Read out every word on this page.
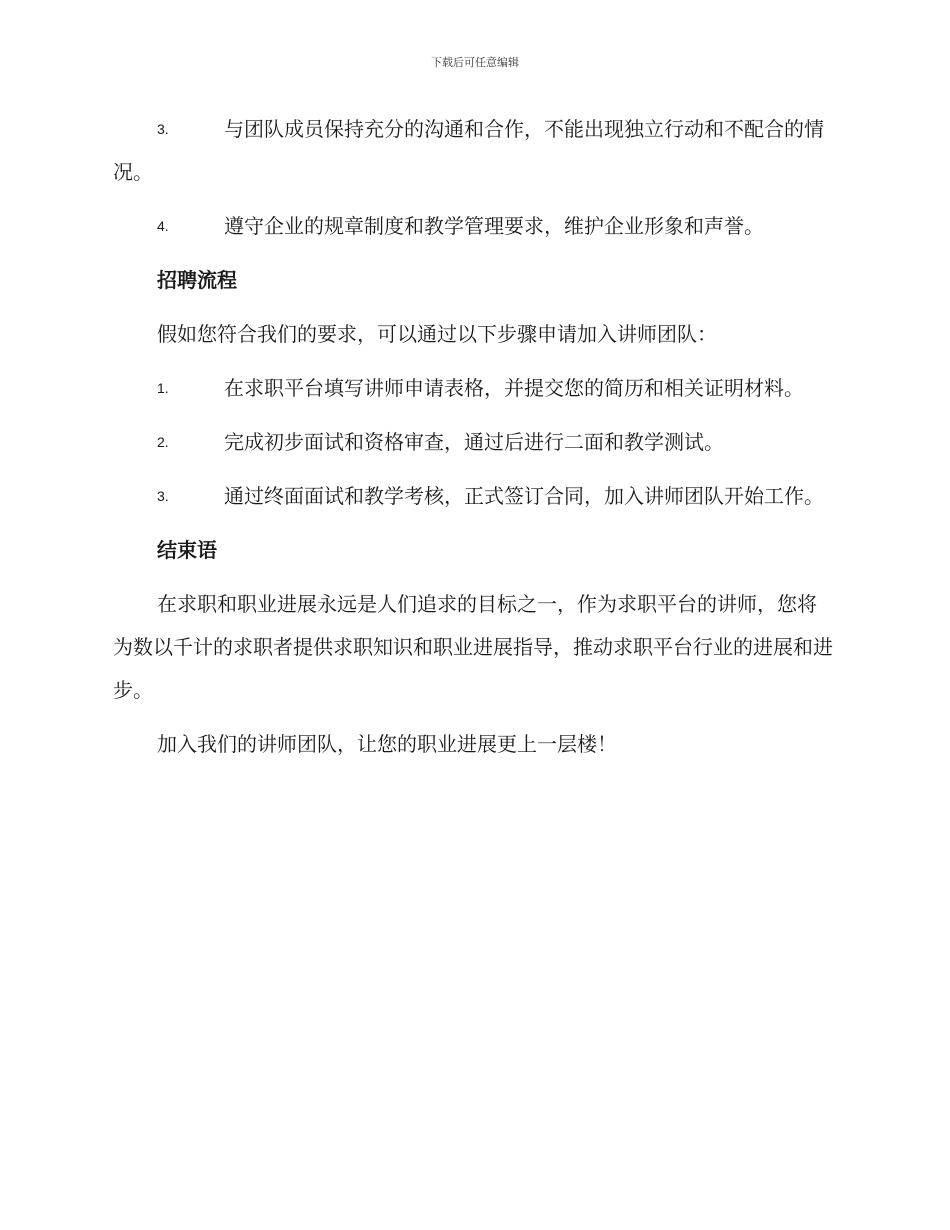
下载后可任意编辑
3.	与团队成员保持充分的沟通和合作，不能出现独立行动和不配合的情况。
4.	遵守企业的规章制度和教学管理要求，维护企业形象和声誉。
招聘流程
假如您符合我们的要求，可以通过以下步骤申请加入讲师团队：
1.	在求职平台填写讲师申请表格，并提交您的简历和相关证明材料。
2.	完成初步面试和资格审查，通过后进行二面和教学测试。
3.	通过终面面试和教学考核，正式签订合同，加入讲师团队开始工作。
结束语
在求职和职业进展永远是人们追求的目标之一，作为求职平台的讲师，您将为数以千计的求职者提供求职知识和职业进展指导，推动求职平台行业的进展和进步。
加入我们的讲师团队，让您的职业进展更上一层楼！
